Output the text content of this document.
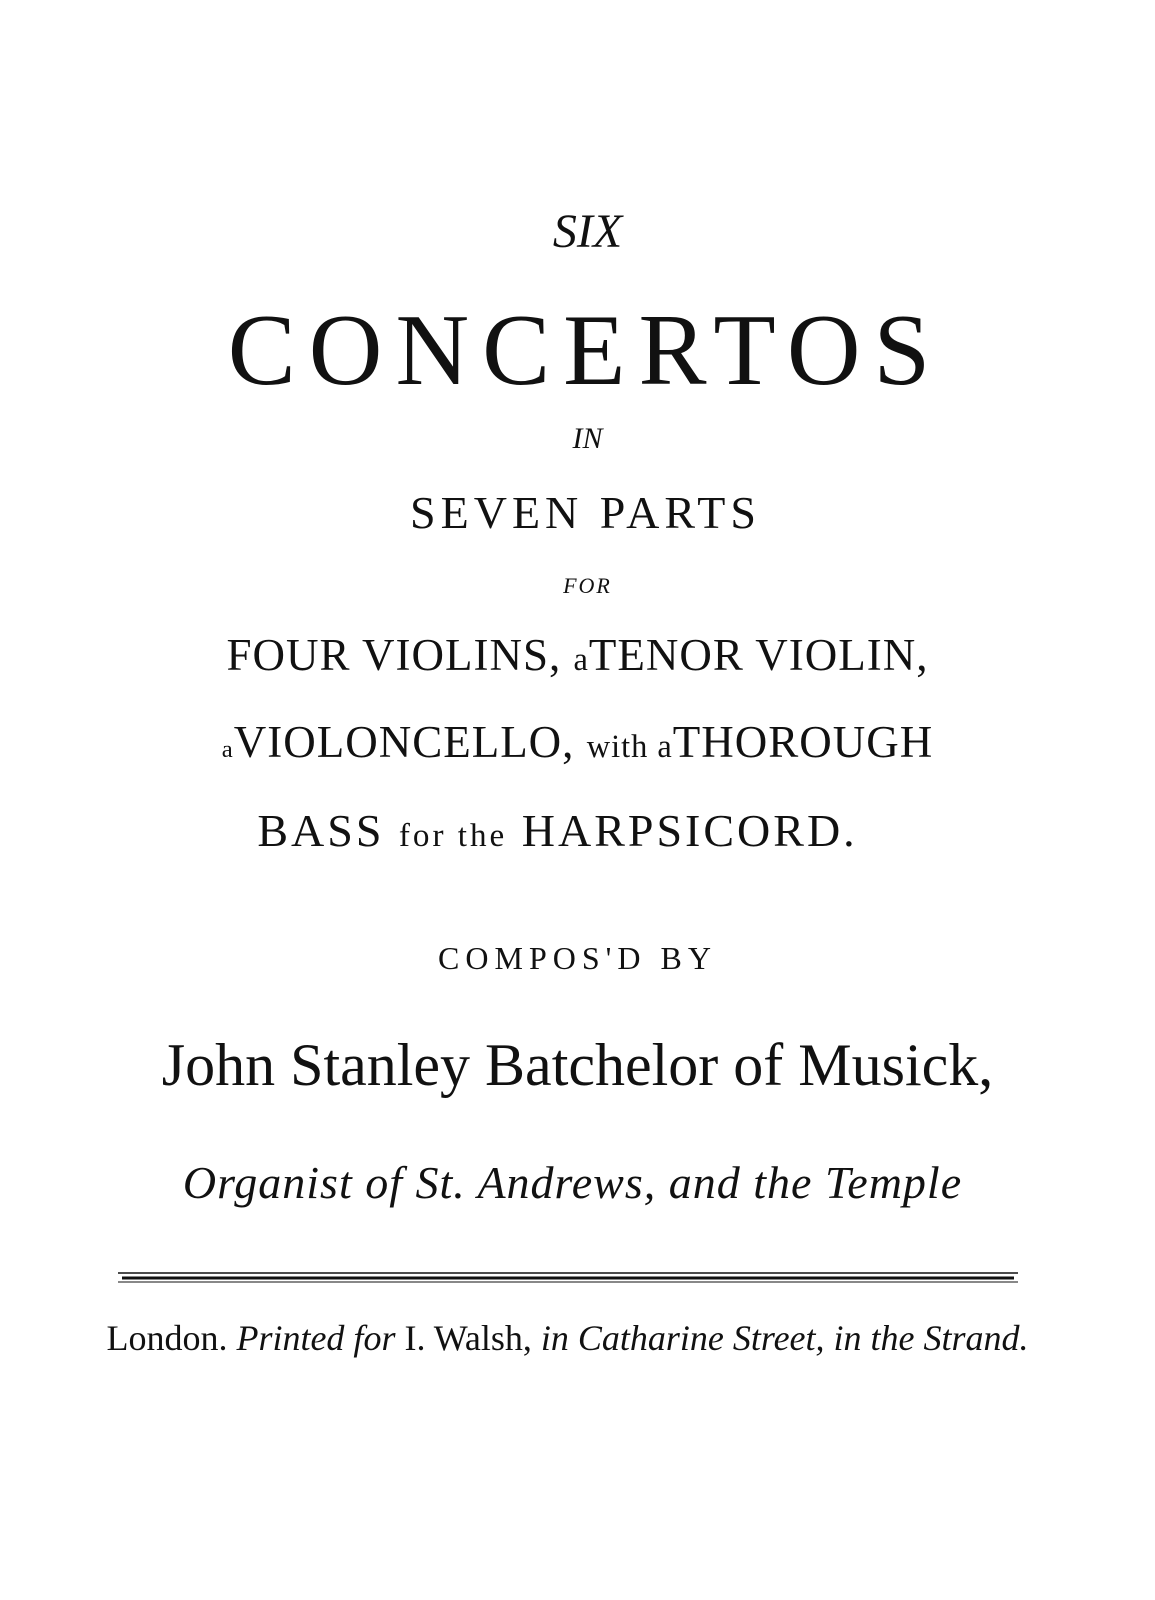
SIX
CONCERTOS
IN
SEVEN PARTS
FOR
FOUR VIOLINS, aTENOR VIOLIN,
aVIOLONCELLO, with aTHOROUGH
BASS for the HARPSICORD.
COMPOS'D BY
John Stanley Batchelor of Musick,
Organist of St. Andrews, and the Temple
London. Printed for I. Walsh, in Catharine Street, in the Strand.
